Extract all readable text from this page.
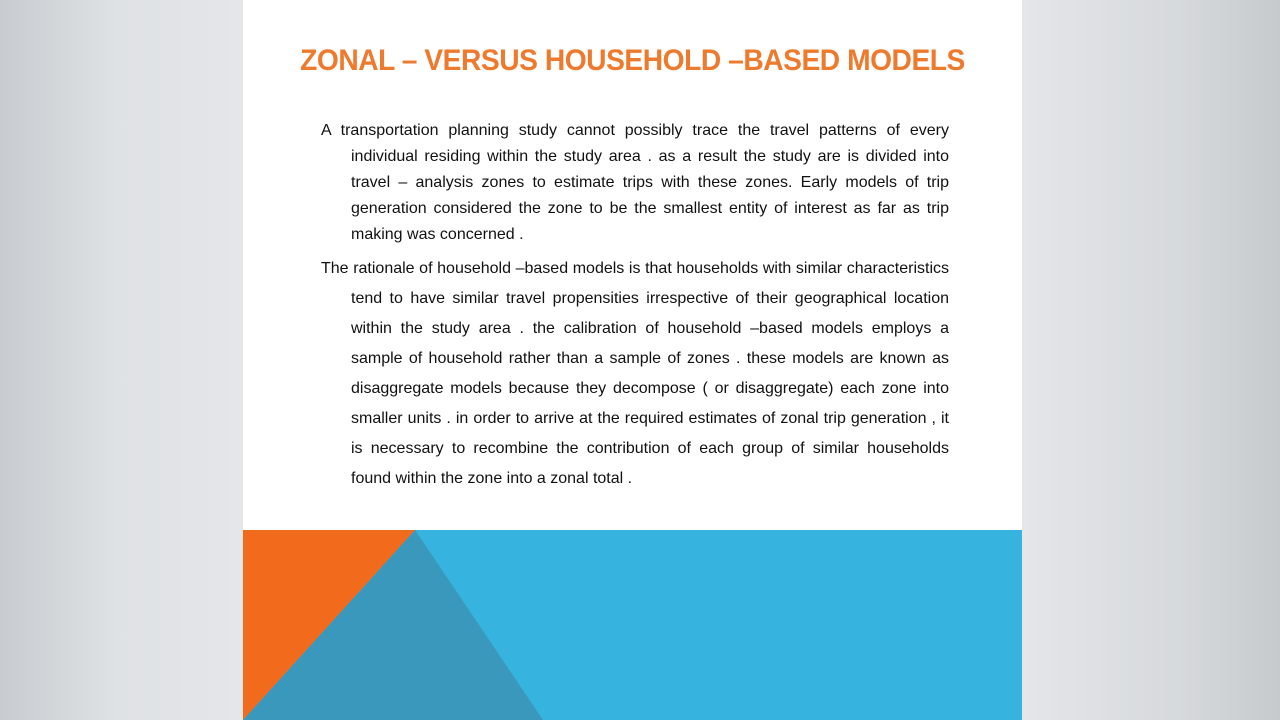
ZONAL – VERSUS HOUSEHOLD –BASED MODELS

A transportation planning study cannot possibly trace the travel patterns of every individual residing within the study area . as a result the study are is divided into travel – analysis zones to estimate trips with these zones. Early models of trip generation considered the zone to be the smallest entity of interest as far as trip making was concerned .

The rationale of household –based models is that households with similar characteristics tend to have similar travel propensities irrespective of their geographical location within the study area . the calibration of household –based models employs a sample of household rather than a sample of zones . these models are known as disaggregate models because they decompose ( or disaggregate) each zone into smaller units . in order to arrive at the required estimates of zonal trip generation , it is necessary to recombine the contribution of each group of similar households found within the zone into a zonal total .
